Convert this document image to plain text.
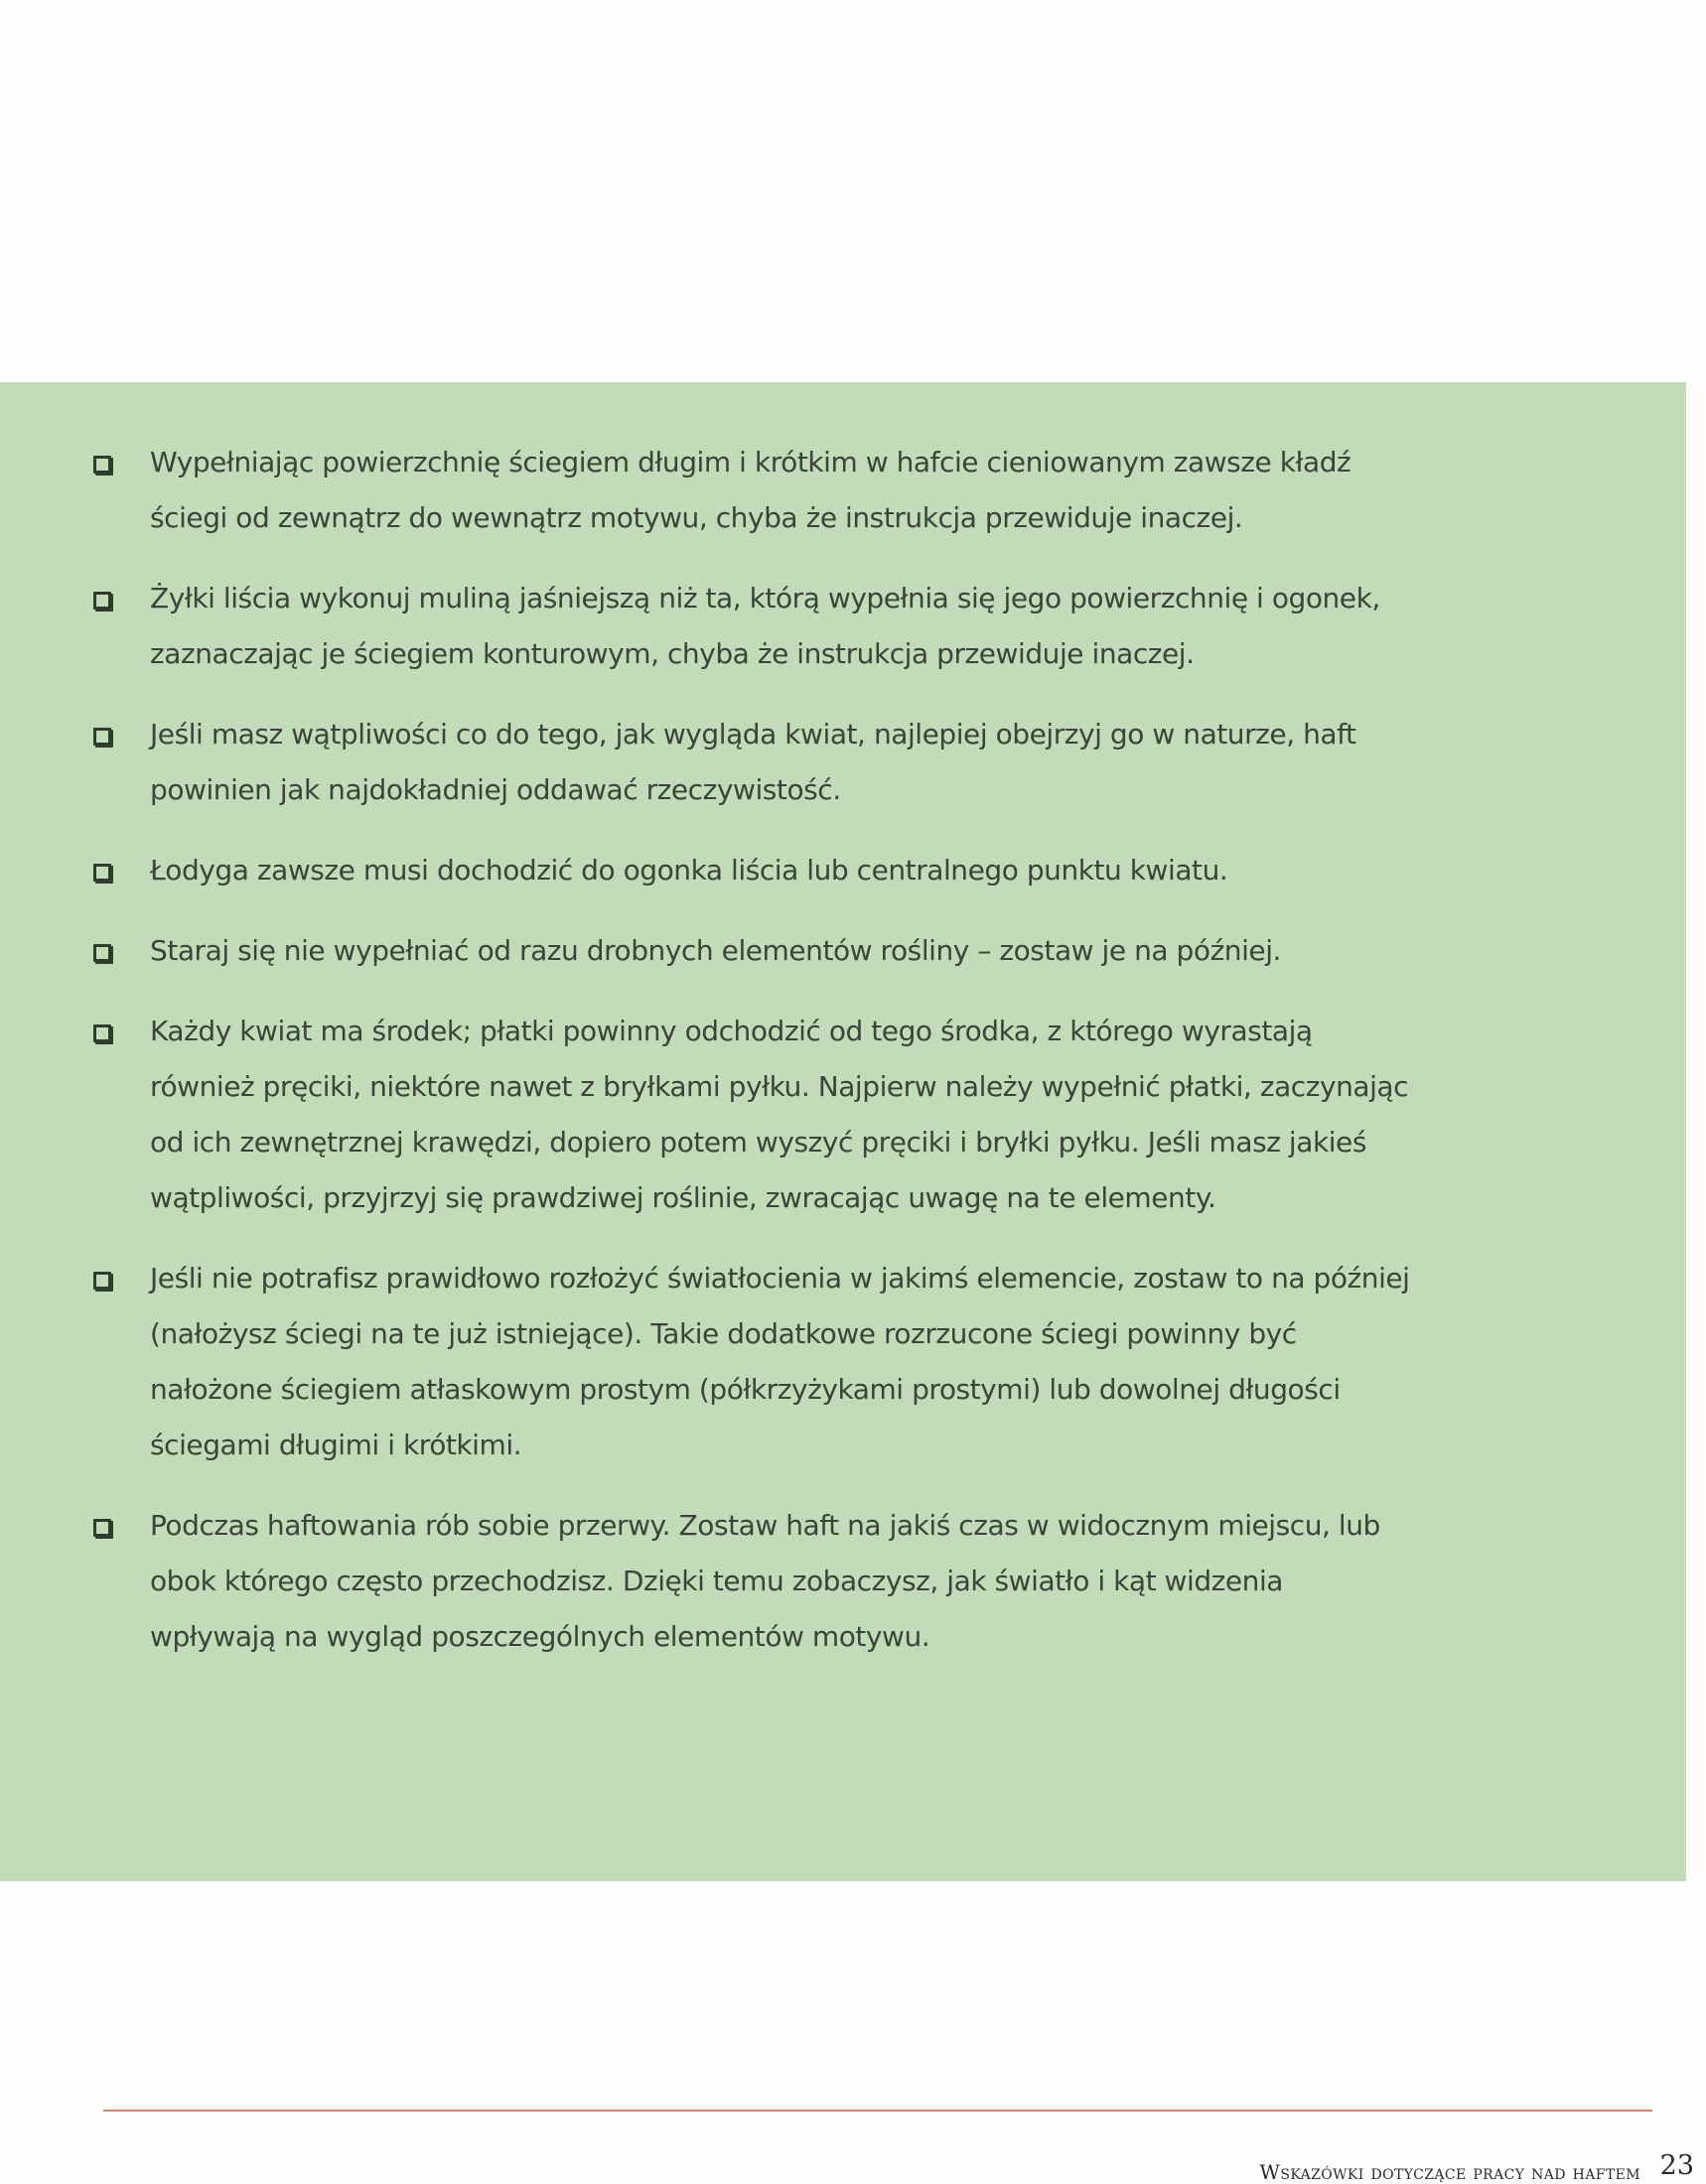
Wypełniając powierzchnię ściegiem długim i krótkim w hafcie cieniowanym zawsze kładź ściegi od zewnątrz do wewnątrz motywu, chyba że instrukcja przewiduje inaczej.
Żyłki liścia wykonuj muliną jaśniejszą niż ta, którą wypełnia się jego powierzchnię i ogonek, zaznaczając je ściegiem konturowym, chyba że instrukcja przewiduje inaczej.
Jeśli masz wątpliwości co do tego, jak wygląda kwiat, najlepiej obejrzyj go w naturze, haft powinien jak najdokładniej oddawać rzeczywistość.
Łodyga zawsze musi dochodzić do ogonka liścia lub centralnego punktu kwiatu.
Staraj się nie wypełniać od razu drobnych elementów rośliny – zostaw je na później.
Każdy kwiat ma środek; płatki powinny odchodzić od tego środka, z którego wyrastają również pręciki, niektóre nawet z bryłkami pyłku. Najpierw należy wypełnić płatki, zaczynając od ich zewnętrznej krawędzi, dopiero potem wyszyć pręciki i bryłki pyłku. Jeśli masz jakieś wątpliwości, przyjrzyj się prawdziwej roślinie, zwracając uwagę na te elementy.
Jeśli nie potrafisz prawidłowo rozłożyć światłocienia w jakimś elemencie, zostaw to na później (nałożysz ściegi na te już istniejące). Takie dodatkowe rozrzucone ściegi powinny być nałożone ściegiem atłaskowym prostym (półkrzyżykami prostymi) lub dowolnej długości ściegami długimi i krótkimi.
Podczas haftowania rób sobie przerwy. Zostaw haft na jakiś czas w widocznym miejscu, lub obok którego często przechodzisz. Dzięki temu zobaczysz, jak światło i kąt widzenia wpływają na wygląd poszczególnych elementów motywu.
Wskazówki dotyczące pracy nad haftem 23
